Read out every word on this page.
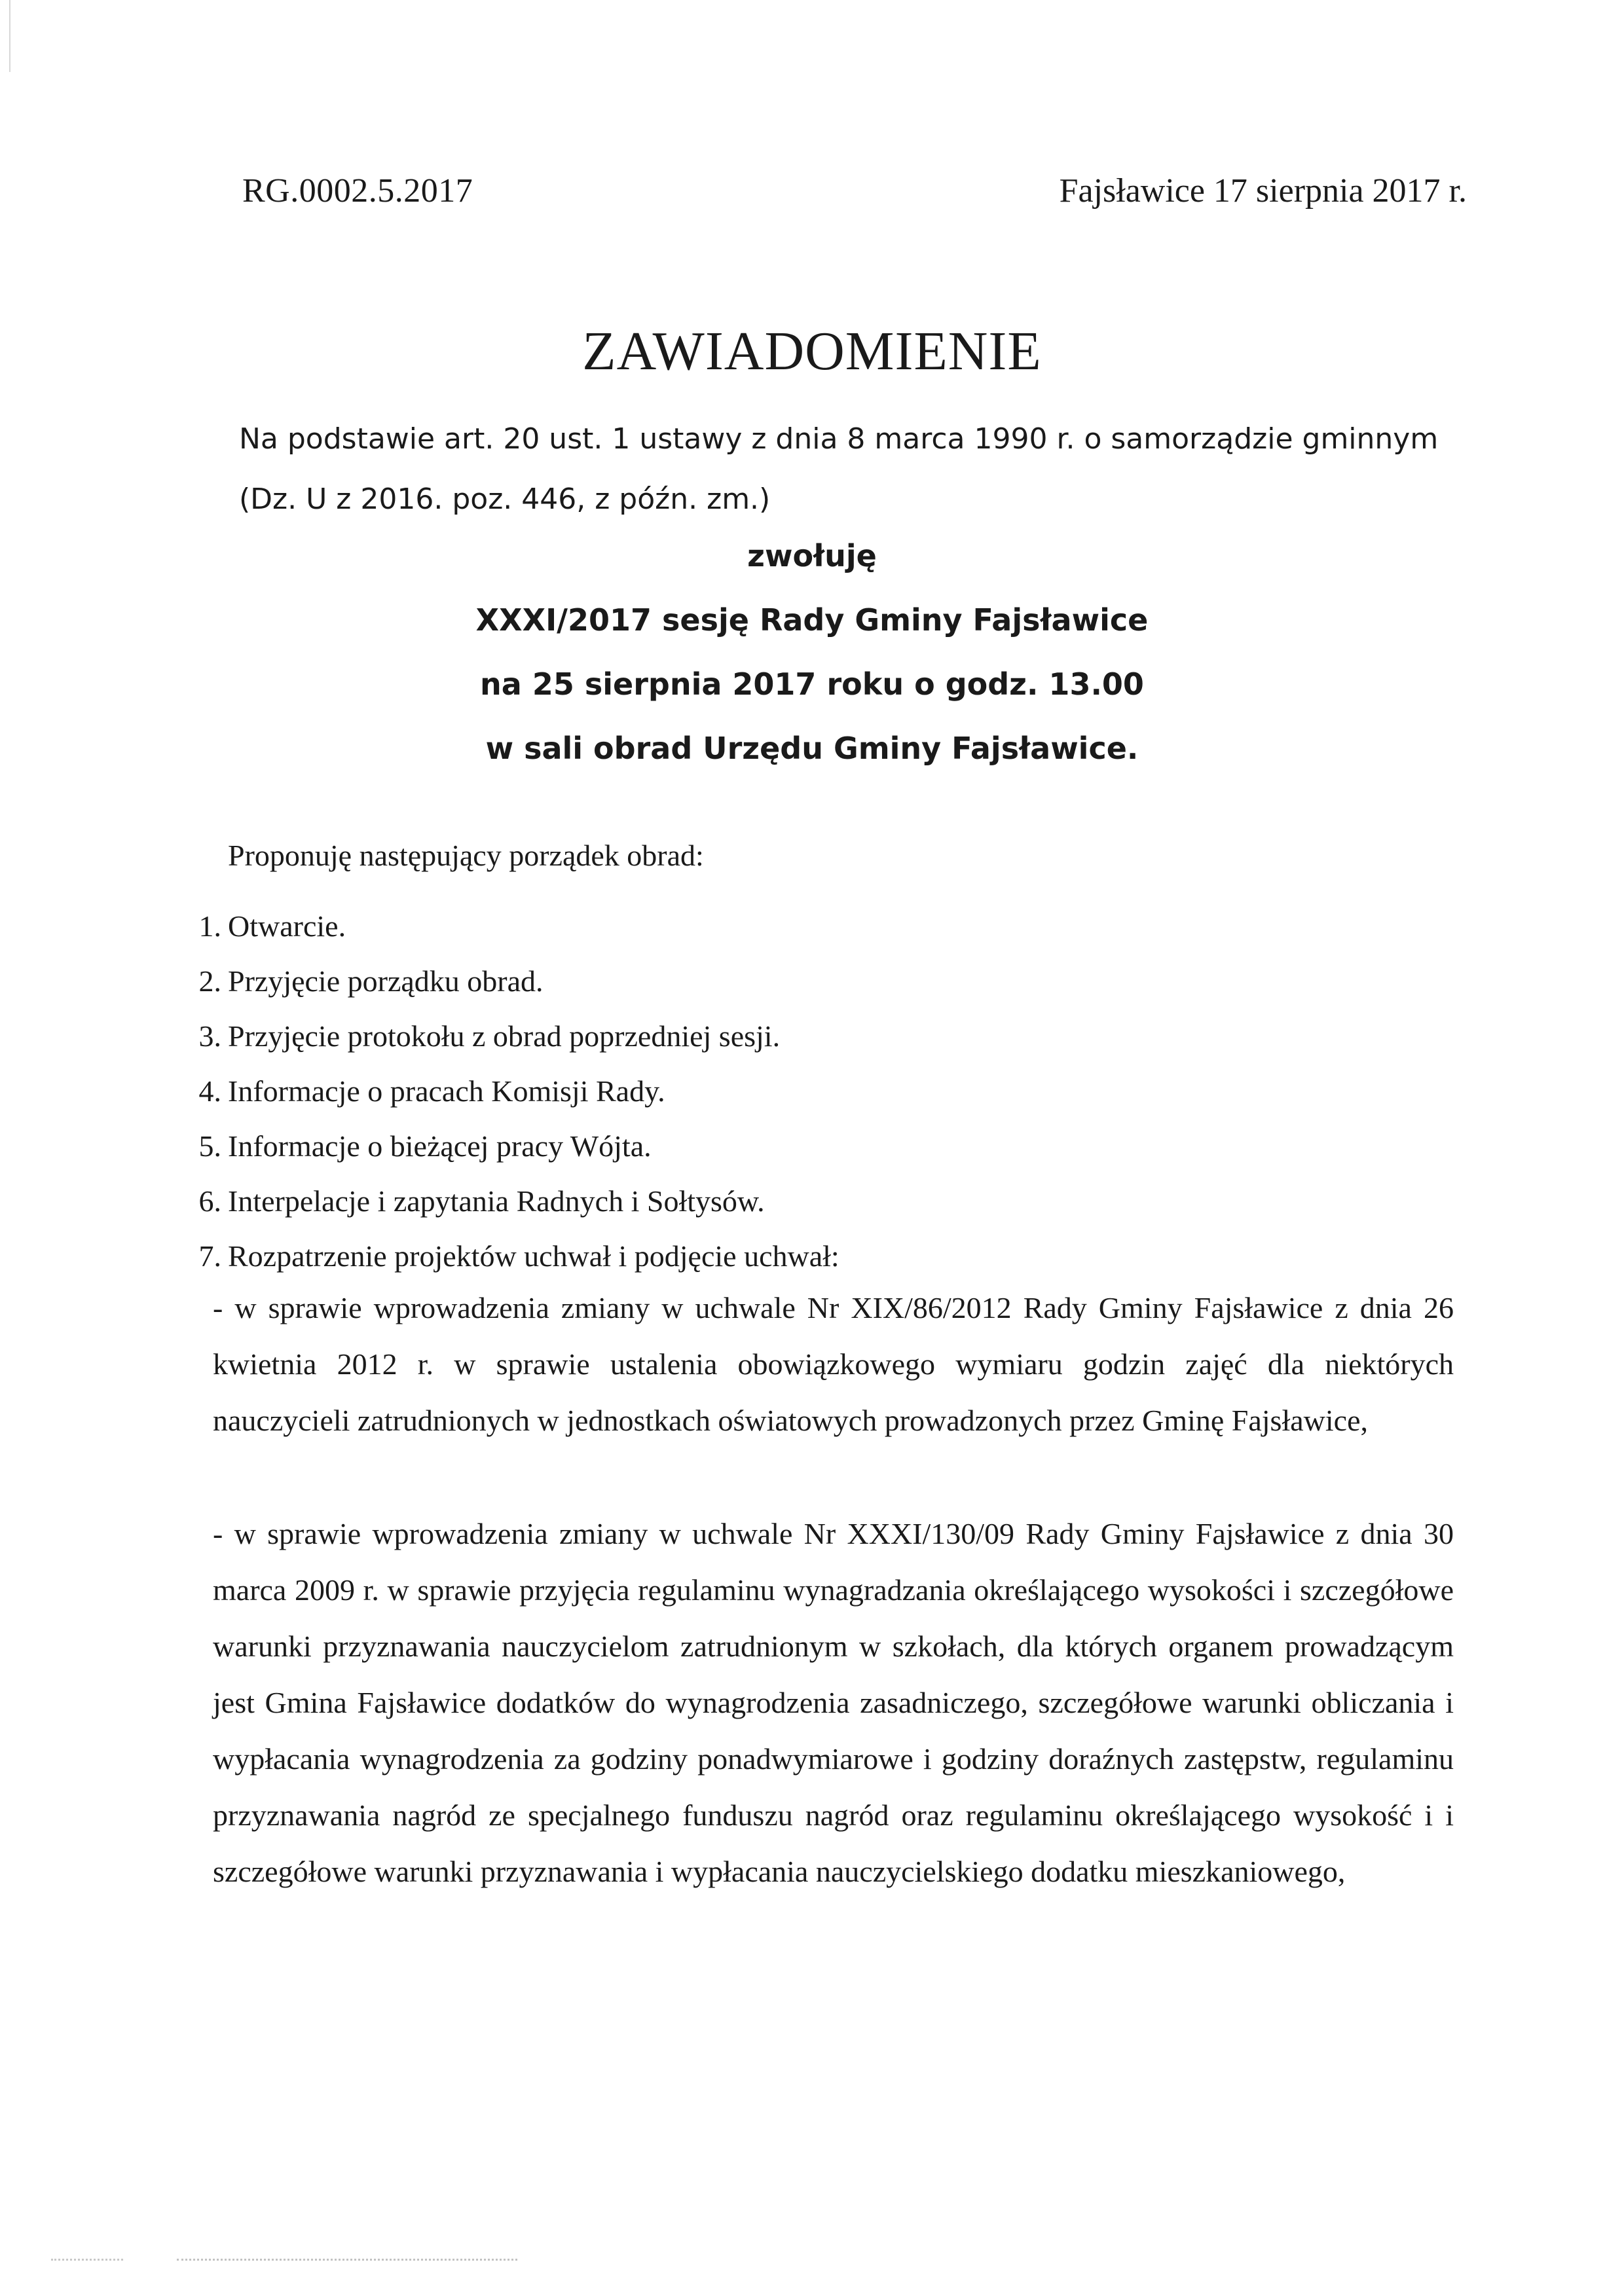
RG.0002.5.2017	Fajsławice 17 sierpnia 2017 r.
ZAWIADOMIENIE
Na podstawie art. 20 ust. 1 ustawy z dnia 8 marca 1990 r. o samorządzie gminnym (Dz. U z 2016. poz. 446, z późn. zm.)
zwołuję
XXXI/2017 sesję Rady Gminy Fajsławice
na 25 sierpnia 2017 roku o godz. 13.00
w sali obrad Urzędu Gminy Fajsławice.
Proponuję następujący porządek obrad:
1. Otwarcie.
2. Przyjęcie porządku obrad.
3. Przyjęcie protokołu z obrad poprzedniej sesji.
4. Informacje o pracach Komisji Rady.
5. Informacje o bieżącej pracy Wójta.
6. Interpelacje i zapytania Radnych i Sołtysów.
7. Rozpatrzenie projektów uchwał i podjęcie uchwał:
- w sprawie wprowadzenia zmiany w uchwale Nr XIX/86/2012 Rady Gminy Fajsławice z dnia 26 kwietnia 2012 r. w sprawie ustalenia obowiązkowego wymiaru godzin zajęć dla niektórych nauczycieli zatrudnionych w jednostkach oświatowych prowadzonych przez Gminę Fajsławice,
- w sprawie wprowadzenia zmiany w uchwale Nr XXXI/130/09 Rady Gminy Fajsławice z dnia 30 marca 2009 r. w sprawie przyjęcia regulaminu wynagradzania określającego wysokości i szczegółowe warunki przyznawania nauczycielom zatrudnionym w szkołach, dla których organem prowadzącym jest Gmina Fajsławice dodatków do wynagrodzenia zasadniczego, szczegółowe warunki obliczania i wypłacania wynagrodzenia za godziny ponadwymiarowe i godziny doraźnych zastępstw, regulaminu przyznawania nagród ze specjalnego funduszu nagród oraz regulaminu określającego wysokość i i szczegółowe warunki przyznawania i wypłacania nauczycielskiego dodatku mieszkaniowego,
